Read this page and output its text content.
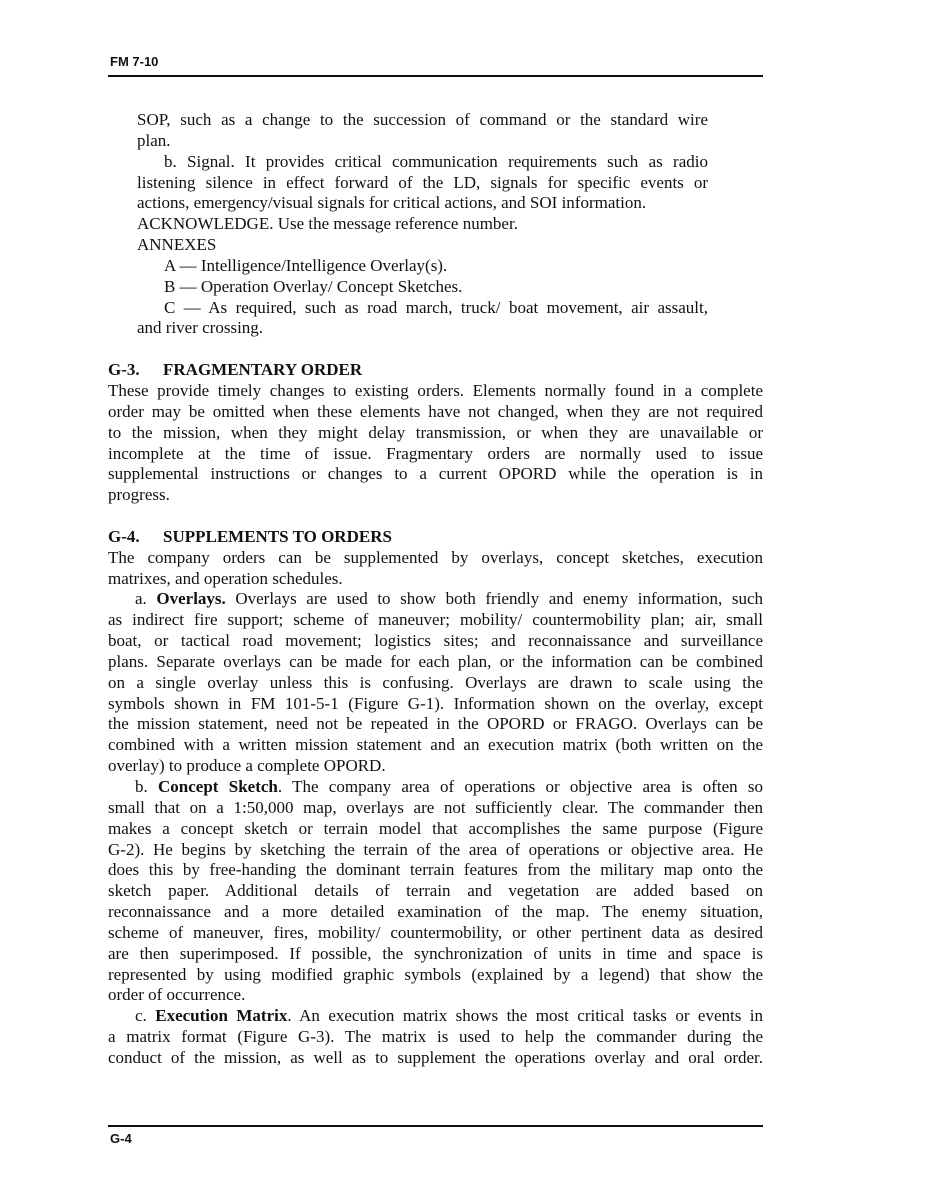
FM 7-10
SOP, such as a change to the succession of command or the standard wire
plan.
b. Signal. It provides critical communication requirements such as radio
listening silence in effect forward of the LD, signals for specific events or
actions, emergency/visual signals for critical actions, and SOI information.
ACKNOWLEDGE. Use the message reference number.
ANNEXES
A — Intelligence/Intelligence Overlay(s).
B — Operation Overlay/ Concept Sketches.
C — As required, such as road march, truck/ boat movement, air assault,
and river crossing.
G-3. FRAGMENTARY ORDER
These provide timely changes to existing orders. Elements normally found in a complete
order may be omitted when these elements have not changed, when they are not required
to the mission, when they might delay transmission, or when they are unavailable or
incomplete at the time of issue. Fragmentary orders are normally used to issue
supplemental instructions or changes to a current OPORD while the operation is in
progress.
G-4. SUPPLEMENTS TO ORDERS
The company orders can be supplemented by overlays, concept sketches, execution
matrixes, and operation schedules.
a. Overlays. Overlays are used to show both friendly and enemy information, such
as indirect fire support; scheme of maneuver; mobility/ countermobility plan; air, small
boat, or tactical road movement; logistics sites; and reconnaissance and surveillance
plans. Separate overlays can be made for each plan, or the information can be combined
on a single overlay unless this is confusing. Overlays are drawn to scale using the
symbols shown in FM 101-5-1 (Figure G-1). Information shown on the overlay, except
the mission statement, need not be repeated in the OPORD or FRAGO. Overlays can be
combined with a written mission statement and an execution matrix (both written on the
overlay) to produce a complete OPORD.
b. Concept Sketch. The company area of operations or objective area is often so
small that on a 1:50,000 map, overlays are not sufficiently clear. The commander then
makes a concept sketch or terrain model that accomplishes the same purpose (Figure
G-2). He begins by sketching the terrain of the area of operations or objective area. He
does this by free-handing the dominant terrain features from the military map onto the
sketch paper. Additional details of terrain and vegetation are added based on
reconnaissance and a more detailed examination of the map. The enemy situation,
scheme of maneuver, fires, mobility/ countermobility, or other pertinent data as desired
are then superimposed. If possible, the synchronization of units in time and space is
represented by using modified graphic symbols (explained by a legend) that show the
order of occurrence.
c. Execution Matrix. An execution matrix shows the most critical tasks or events in
a matrix format (Figure G-3). The matrix is used to help the commander during the
conduct of the mission, as well as to supplement the operations overlay and oral order.
G-4
